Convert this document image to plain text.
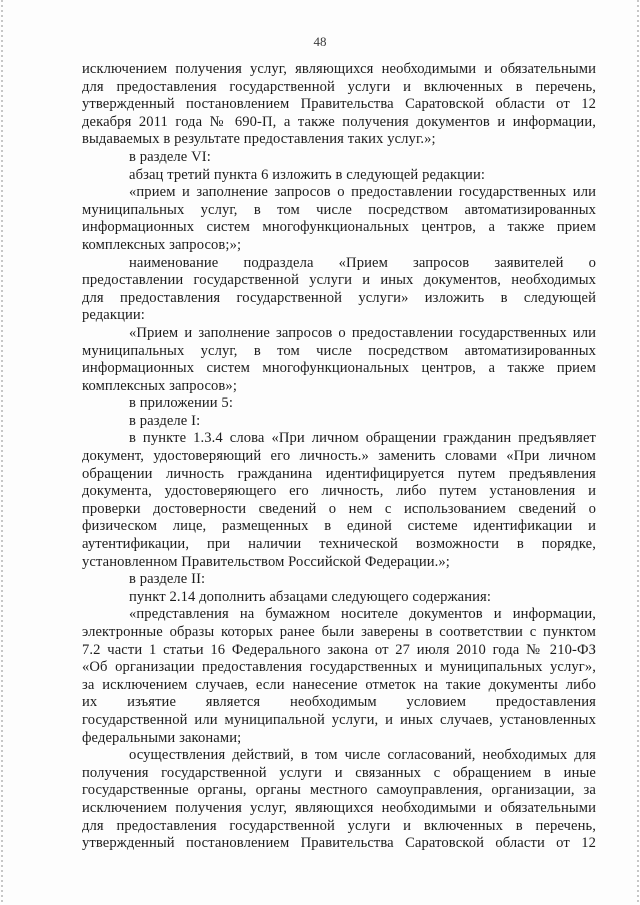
48
исключением получения услуг, являющихся необходимыми и обязательными
для предоставления государственной услуги и включенных в перечень,
утвержденный постановлением Правительства Саратовской области от 12
декабря 2011 года № 690-П, а также получения документов и информации,
выдаваемых в результате предоставления таких услуг.»;
в разделе VI:
абзац третий пункта 6 изложить в следующей редакции:
«прием и заполнение запросов о предоставлении государственных или
муниципальных услуг, в том числе посредством автоматизированных
информационных систем многофункциональных центров, а также прием
комплексных запросов;»;
наименование подраздела «Прием запросов заявителей о
предоставлении государственной услуги и иных документов, необходимых
для предоставления государственной услуги» изложить в следующей
редакции:
«Прием и заполнение запросов о предоставлении государственных или
муниципальных услуг, в том числе посредством автоматизированных
информационных систем многофункциональных центров, а также прием
комплексных запросов»;
в приложении 5:
в разделе I:
в пункте 1.3.4 слова «При личном обращении гражданин предъявляет
документ, удостоверяющий его личность.» заменить словами «При личном
обращении личность гражданина идентифицируется путем предъявления
документа, удостоверяющего его личность, либо путем установления и
проверки достоверности сведений о нем с использованием сведений о
физическом лице, размещенных в единой системе идентификации и
аутентификации, при наличии технической возможности в порядке,
установленном Правительством Российской Федерации.»;
в разделе II:
пункт 2.14 дополнить абзацами следующего содержания:
«представления на бумажном носителе документов и информации,
электронные образы которых ранее были заверены в соответствии с пунктом
7.2 части 1 статьи 16 Федерального закона от 27 июля 2010 года № 210-ФЗ
«Об организации предоставления государственных и муниципальных услуг»,
за исключением случаев, если нанесение отметок на такие документы либо
их изъятие является необходимым условием предоставления
государственной или муниципальной услуги, и иных случаев, установленных
федеральными законами;
осуществления действий, в том числе согласований, необходимых для
получения государственной услуги и связанных с обращением в иные
государственные органы, органы местного самоуправления, организации, за
исключением получения услуг, являющихся необходимыми и обязательными
для предоставления государственной услуги и включенных в перечень,
утвержденный постановлением Правительства Саратовской области от 12
